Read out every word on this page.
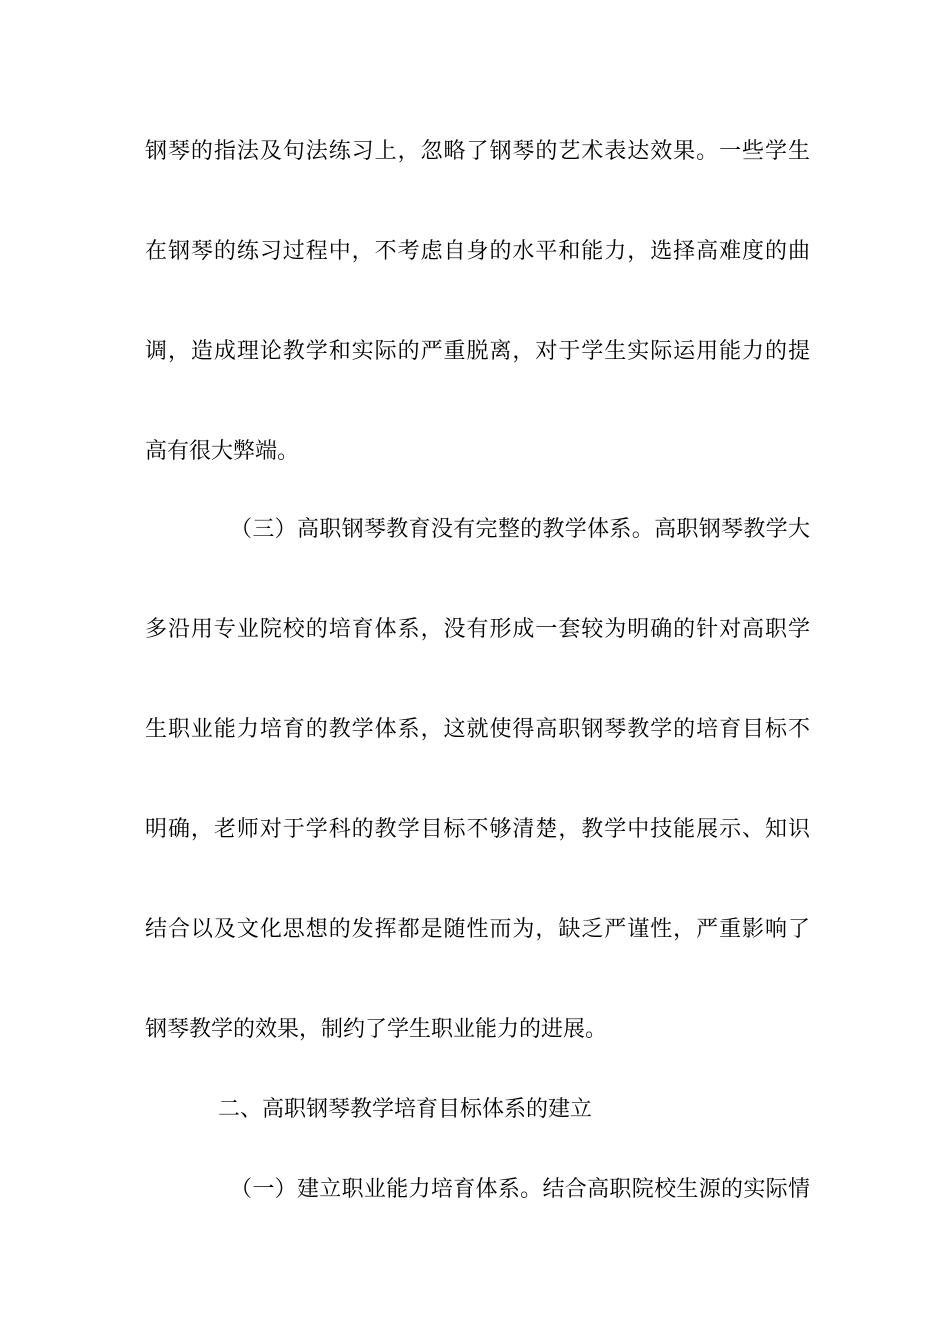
钢琴的指法及句法练习上，忽略了钢琴的艺术表达效果。一些学生
在钢琴的练习过程中，不考虑自身的水平和能力，选择高难度的曲
调，造成理论教学和实际的严重脱离，对于学生实际运用能力的提
高有很大弊端。
（三）高职钢琴教育没有完整的教学体系。高职钢琴教学大
多沿用专业院校的培育体系，没有形成一套较为明确的针对高职学
生职业能力培育的教学体系，这就使得高职钢琴教学的培育目标不
明确，老师对于学科的教学目标不够清楚，教学中技能展示、知识
结合以及文化思想的发挥都是随性而为，缺乏严谨性，严重影响了
钢琴教学的效果，制约了学生职业能力的进展。
二、高职钢琴教学培育目标体系的建立
（一）建立职业能力培育体系。结合高职院校生源的实际情
